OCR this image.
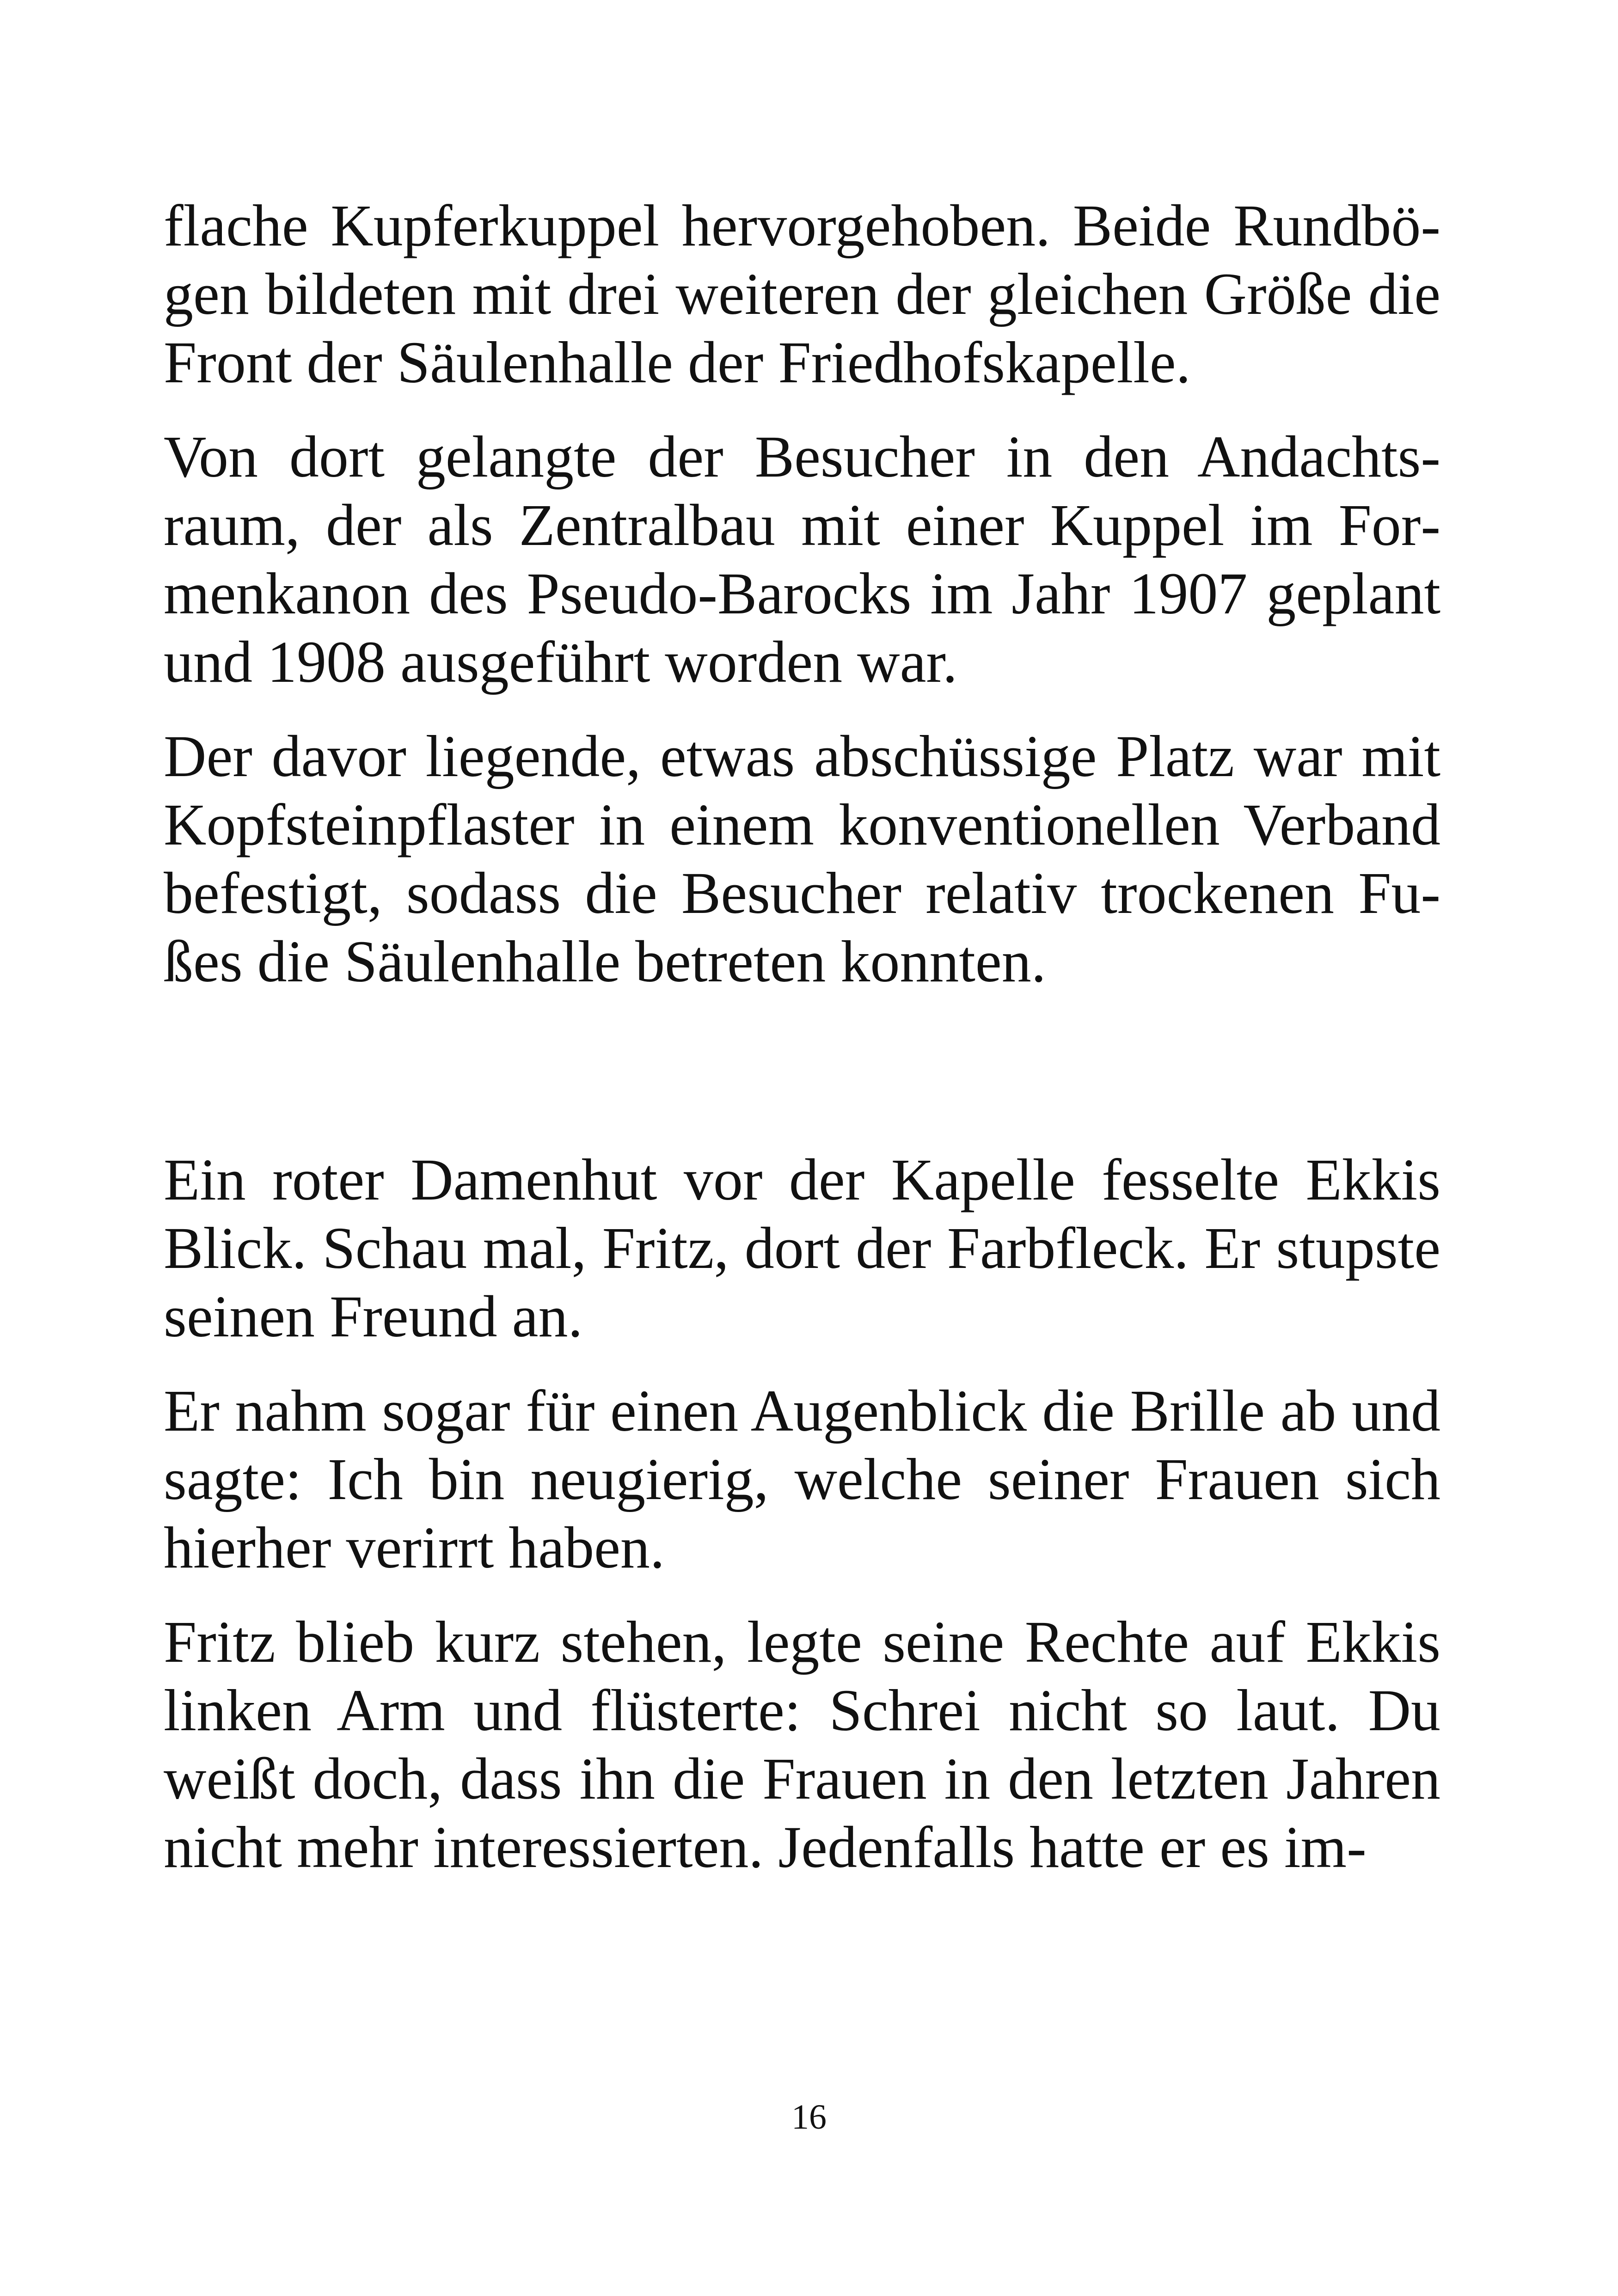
flache Kupferkuppel hervorgehoben. Beide Rundbögen bildeten mit drei weiteren der gleichen Größe die Front der Säulenhalle der Friedhofskapelle.

Von dort gelangte der Besucher in den Andachtsraum, der als Zentralbau mit einer Kuppel im Formenkanon des Pseudo-Barocks im Jahr 1907 geplant und 1908 ausgeführt worden war.

Der davor liegende, etwas abschüssige Platz war mit Kopfsteinpflaster in einem konventionellen Verband befestigt, sodass die Besucher relativ trockenen Fußes die Säulenhalle betreten konnten.

Ein roter Damenhut vor der Kapelle fesselte Ekkis Blick. Schau mal, Fritz, dort der Farbfleck. Er stupste seinen Freund an.

Er nahm sogar für einen Augenblick die Brille ab und sagte: Ich bin neugierig, welche seiner Frauen sich hierher verirrt haben.

Fritz blieb kurz stehen, legte seine Rechte auf Ekkis linken Arm und flüsterte: Schrei nicht so laut. Du weißt doch, dass ihn die Frauen in den letzten Jahren nicht mehr interessierten. Jedenfalls hatte er es im-

16
